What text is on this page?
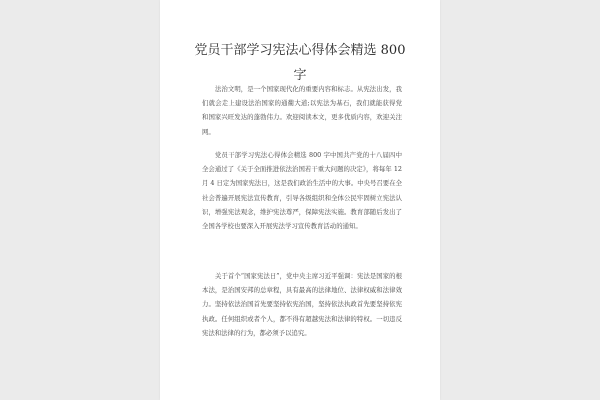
党员干部学习宪法心得体会精选 800 字

法治文明，是一个国家现代化的重要内容和标志。从宪法出发，我们就会走上建设法治国家的通衢大道;以宪法为基石，我们就能获得党和国家兴旺发达的蓬勃伟力。欢迎阅读本文，更多优质内容，欢迎关注网。

党员干部学习宪法心得体会精选 800 字中国共产党的十八届四中全会通过了《关于全面推进依法治国若干重大问题的决定》，将每年 12 月 4 日定为国家宪法日，这是我们政治生活中的大事。中央号召要在全社会普遍开展宪法宣传教育，引导各级组织和全体公民牢固树立宪法认识，增强宪法观念，维护宪法尊严，保障宪法实施。教育部随后发出了全国各学校也要深入开展宪法学习宣传教育活动的通知。

关于首个“国家宪法日”，党中央主席习近平强调：宪法是国家的根本法，是治国安邦的总章程，具有最高的法律地位、法律权威和法律效力。坚持依法治国首先要坚持依宪治国，坚持依法执政首先要坚持依宪执政。任何组织或者个人，都不得有超越宪法和法律的特权。一切违反宪法和法律的行为，都必须予以追究。
